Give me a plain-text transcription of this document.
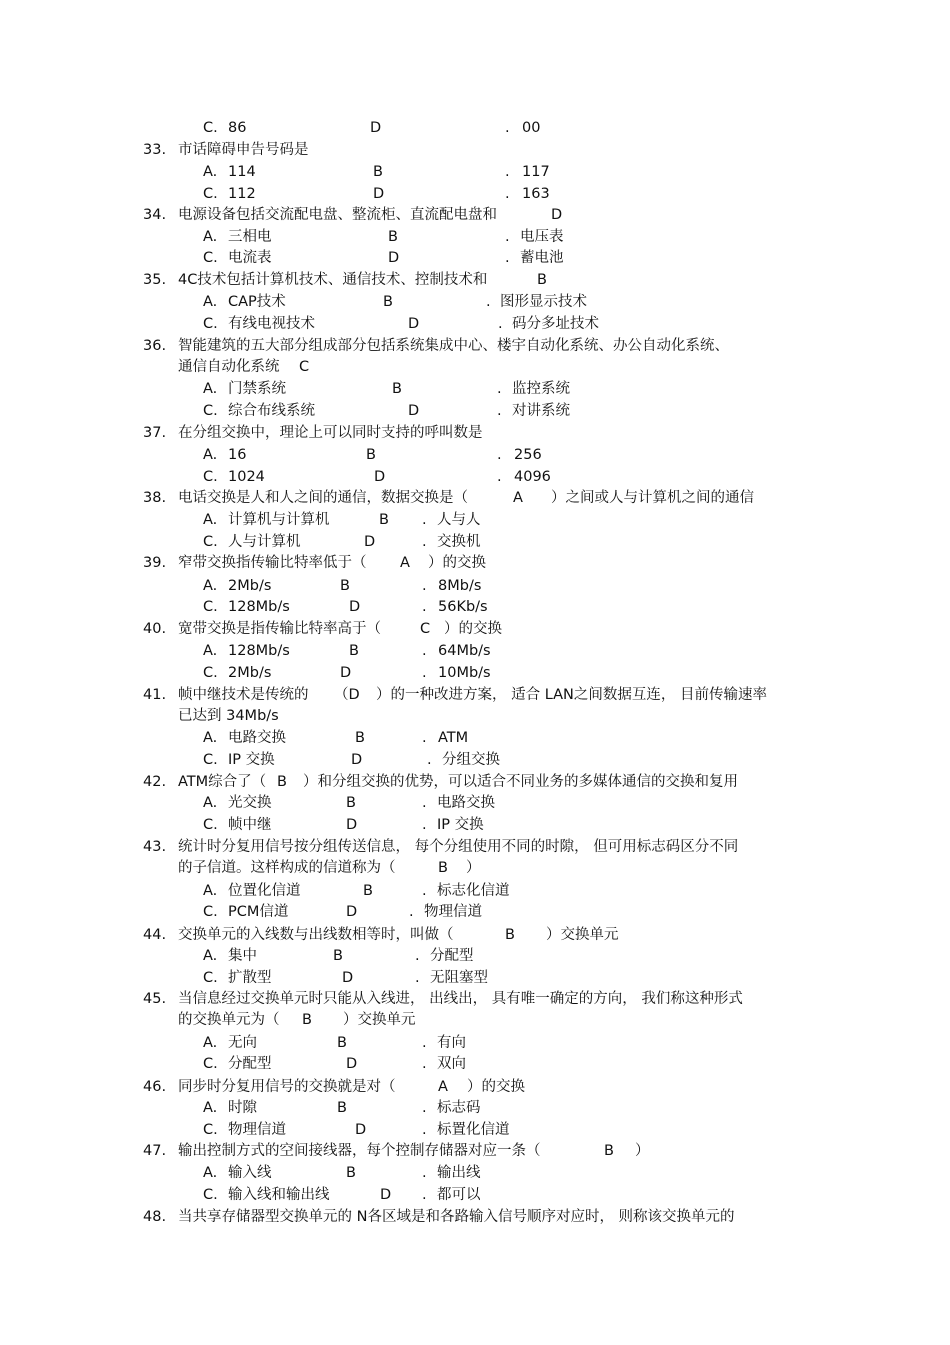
C. 86	D	. 00
33. 市话障碍申告号码是
A. 114	B	. 117
C. 112	D	. 163
34. 电源设备包括交流配电盘、整流柜、直流配电盘和	D
A. 三相电	B	. 电压表
C. 电流表	D	. 蓄电池
35. 4C技术包括计算机技术、通信技术、控制技术和	B
A. CAP技术	B	. 图形显示技术
C. 有线电视技术	D	. 码分多址技术
36. 智能建筑的五大部分组成部分包括系统集成中心、楼宇自动化系统、办公自动化系统、
通信自动化系统 C
A. 门禁系统	B	. 监控系统
C. 综合布线系统	D	. 对讲系统
37. 在分组交换中，理论上可以同时支持的呼叫数是
A. 16	B	. 256
C. 1024	D	. 4096
38. 电话交换是人和人之间的通信，数据交换是（	A ）之间或人与计算机之间的通信
A. 计算机与计算机	B . 人与人
C. 人与计算机	D	. 交换机
39. 窄带交换指传输比特率低于（ A ）的交换
A. 2Mb/s	B	. 8Mb/s
C. 128Mb/s	D	. 56Kb/s
40. 宽带交换是指传输比特率高于（	C ）的交换
A. 128Mb/s	B	. 64Mb/s
C. 2Mb/s	D	. 10Mb/s
41. 帧中继技术是传统的 （D ）的一种改进方案， 适合 LAN之间数据互连， 目前传输速率
已达到 34Mb/s
A. 电路交换	B	. ATM
C. IP 交换	D	. 分组交换
42. ATM综合了（ B ）和分组交换的优势，可以适合不同业务的多媒体通信的交换和复用
A. 光交换	B	. 电路交换
C. 帧中继	D	. IP 交换
43. 统计时分复用信号按分组传送信息， 每个分组使用不同的时隙， 但可用标志码区分不同
的子信道。这样构成的信道称为（	B ）
A. 位置化信道	B	. 标志化信道
C. PCM信道	D	. 物理信道
44. 交换单元的入线数与出线数相等时，叫做（	B ）交换单元
A. 集中	B	. 分配型
C. 扩散型	D	. 无阻塞型
45. 当信息经过交换单元时只能从入线进， 出线出， 具有唯一确定的方向， 我们称这种形式
的交换单元为（ B ）交换单元
A. 无向	B	. 有向
C. 分配型	D	. 双向
46. 同步时分复用信号的交换就是对（	A ）的交换
A. 时隙	B	. 标志码
C. 物理信道	D	. 标置化信道
47. 输出控制方式的空间接线器，每个控制存储器对应一条（	B ）
A. 输入线	B	. 输出线
C. 输入线和输出线	D . 都可以
48. 当共享存储器型交换单元的 N各区域是和各路输入信号顺序对应时， 则称该交换单元的
